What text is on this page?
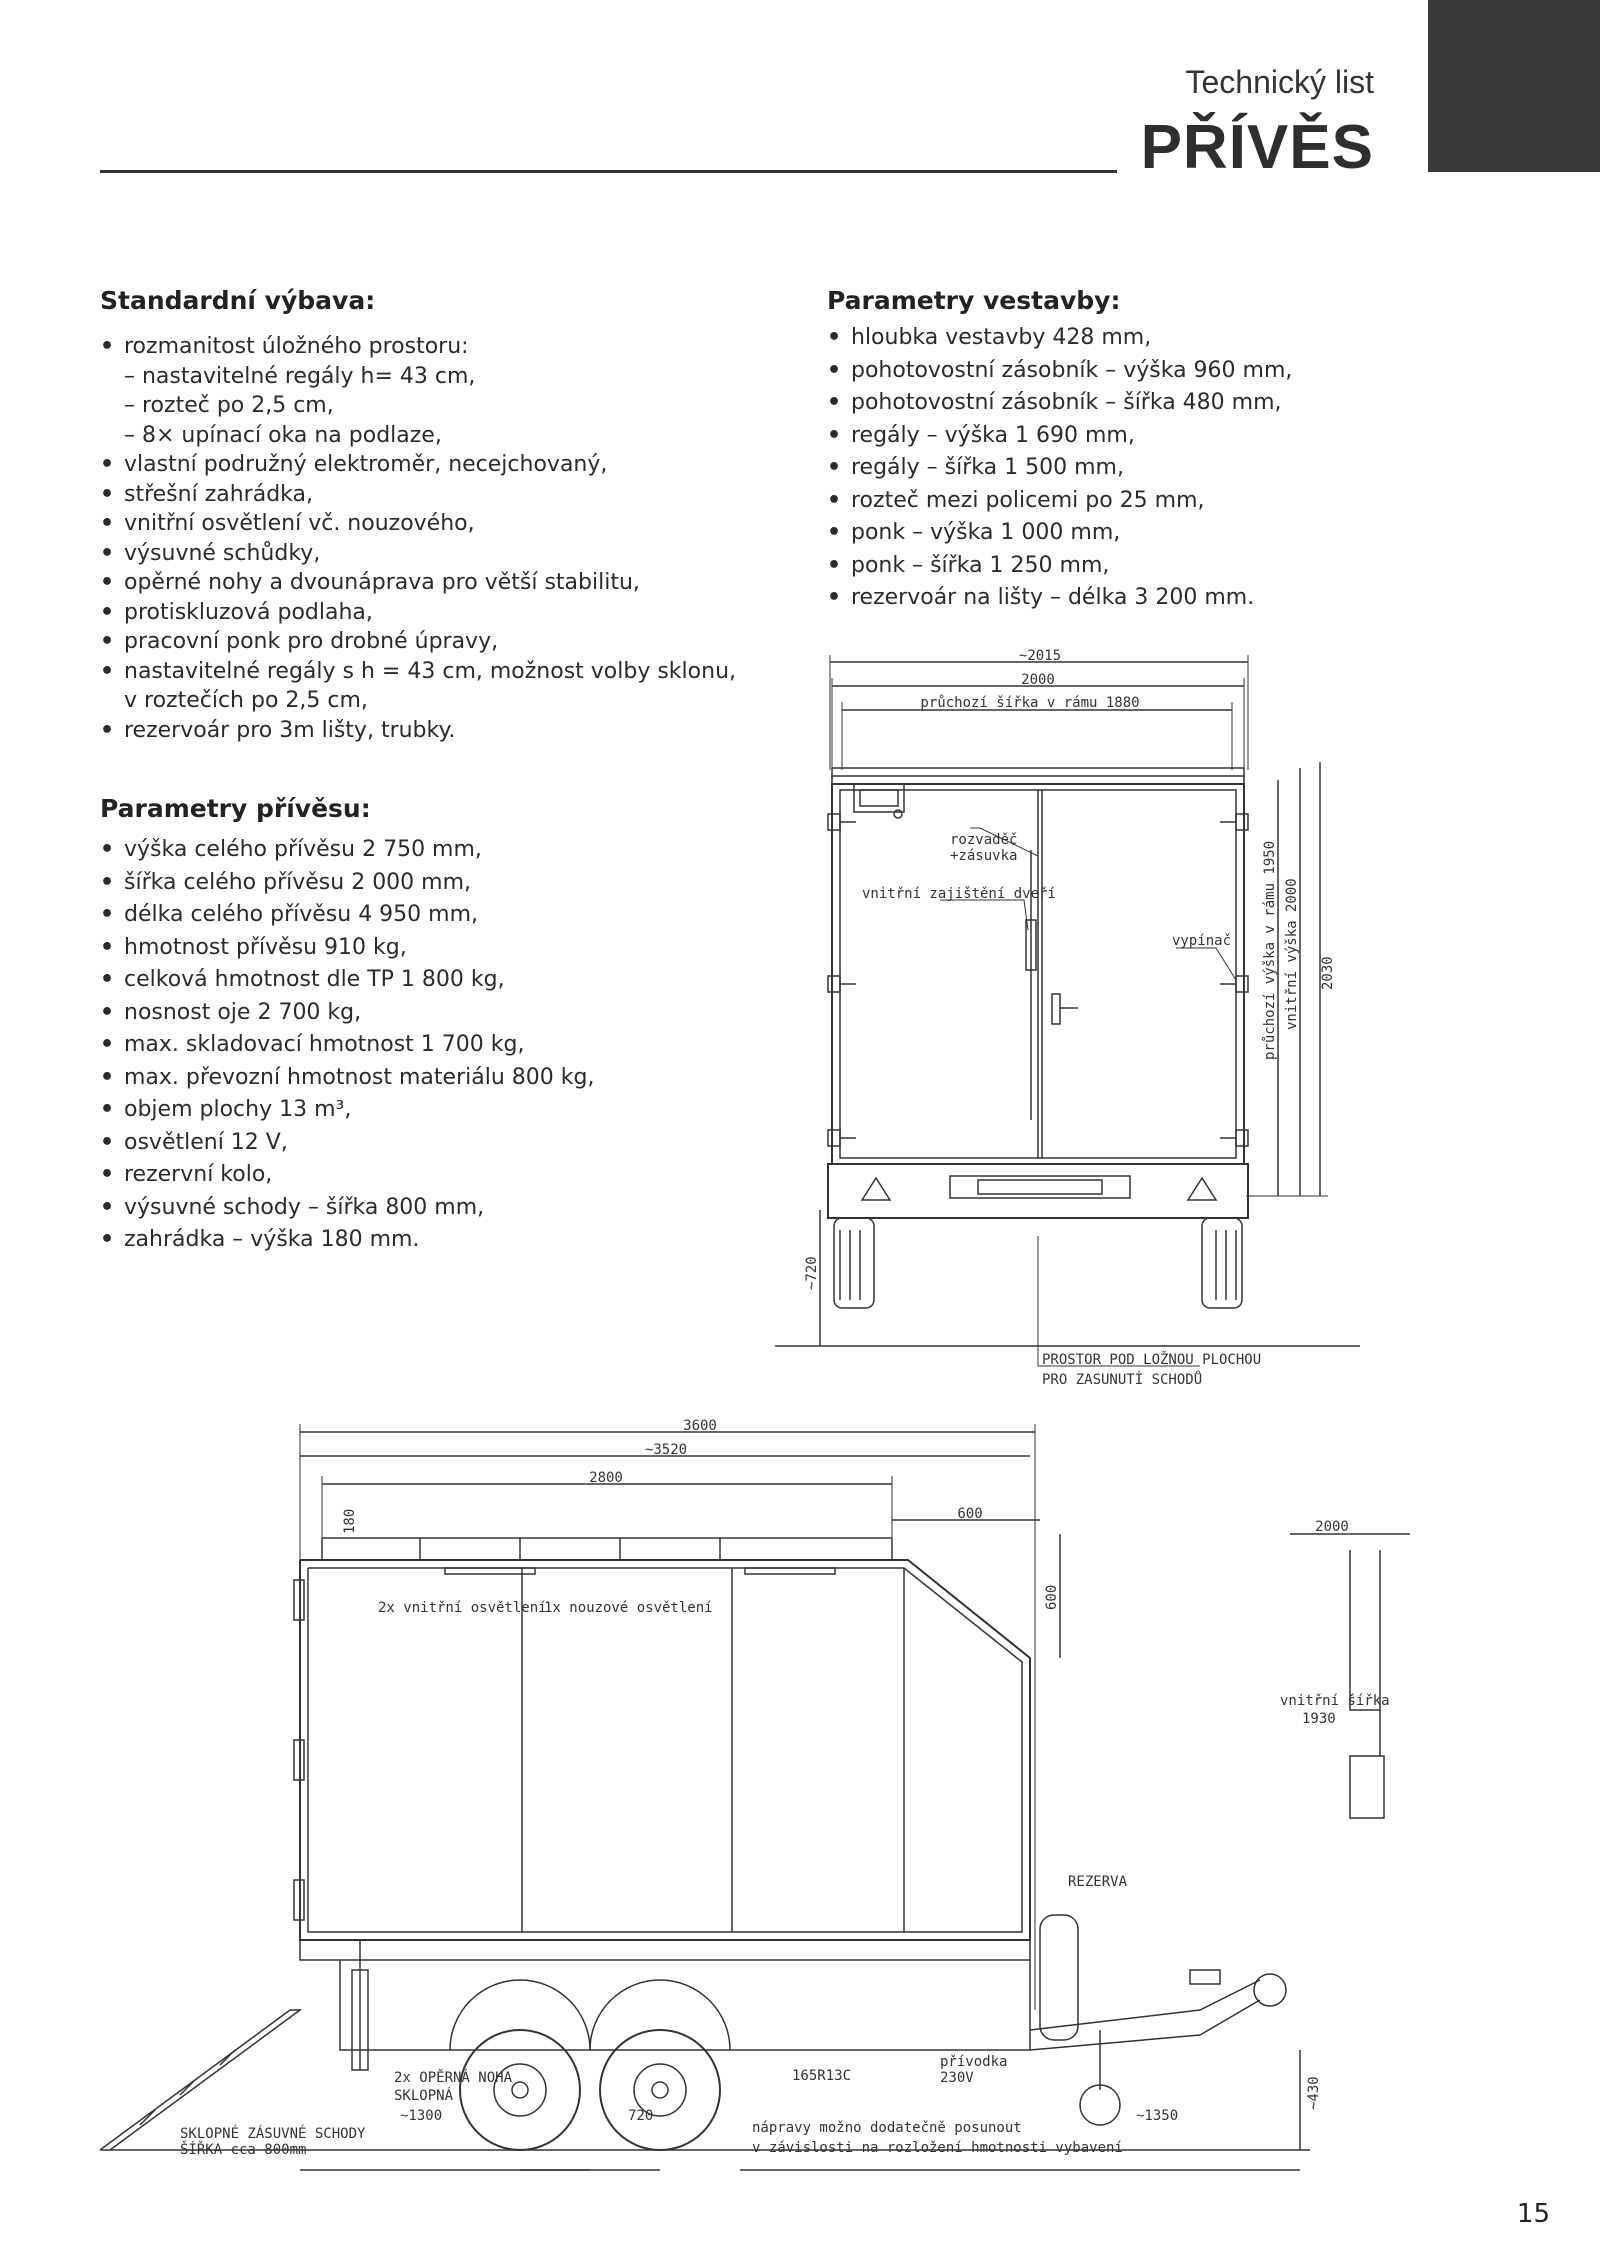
Technický list
PŘÍVĚS
Standardní výbava:
• rozmanitost úložného prostoru:
– nastavitelné regály h= 43 cm,
– rozteč po 2,5 cm,
– 8× upínací oka na podlaze,
• vlastní podružný elektroměr, necejchovaný,
• střešní zahrádka,
• vnitřní osvětlení vč. nouzového,
• výsuvné schůdky,
• opěrné nohy a dvounáprava pro větší stabilitu,
• protiskluzová podlaha,
• pracovní ponk pro drobné úpravy,
• nastavitelné regály s h = 43 cm, možnost volby sklonu,
v roztečích po 2,5 cm,
• rezervoár pro 3m lišty, trubky.
Parametry přívěsu:
• výška celého přívěsu 2 750 mm,
• šířka celého přívěsu 2 000 mm,
• délka celého přívěsu 4 950 mm,
• hmotnost přívěsu 910 kg,
• celková hmotnost dle TP 1 800 kg,
• nosnost oje 2 700 kg,
• max. skladovací hmotnost 1 700 kg,
• max. převozní hmotnost materiálu 800 kg,
• objem plochy 13 m³,
• osvětlení 12 V,
• rezervní kolo,
• výsuvné schody – šířka 800 mm,
• zahrádka – výška 180 mm.
Parametry vestavby:
• hloubka vestavby 428 mm,
• pohotovostní zásobník – výška 960 mm,
• pohotovostní zásobník – šířka 480 mm,
• regály – výška 1 690 mm,
• regály – šířka 1 500 mm,
• rozteč mezi policemi po 25 mm,
• ponk – výška 1 000 mm,
• ponk – šířka 1 250 mm,
• rezervoár na lišty – délka 3 200 mm.
~2015
2000
průchozí šířka v rámu 1880
rozvaděč
+zásuvka
vnitřní zajištění dveří
vypínač průchozí výška v rámu 1950 vnitřní výška 2000 2030
~720
PROSTOR POD LOŽNOU PLOCHOU
PRO ZASUNUTÍ SCHODŮ
3600
~3520
2800
180	600
600
2000
vnitřní šířka
1930
2x vnitřní osvětlení
1x nouzové osvětlení
REZERVA
2x OPĚRNÁ NOHA
SKLOPNÁ
165R13C
přívodka
230V	~430
~1300	720	~1350
SKLOPNÉ ZÁSUVNÉ SCHODY
ŠÍŘKA cca 800mm
nápravy možno dodatečně posunout
v závislosti na rozložení hmotnosti vybavení
15
